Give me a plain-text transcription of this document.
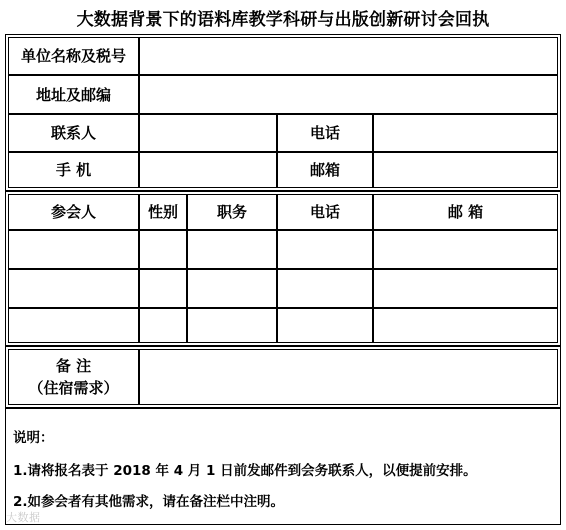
大数据背景下的语料库教学科研与出版创新研讨会回执
单位名称及税号
地址及邮编
联系人	电话
手 机	邮箱
参会人	性别	职务	电话	邮 箱
备 注
（住宿需求）
说明：
1.请将报名表于 2018 年 4 月 1 日前发邮件到会务联系人，以便提前安排。
2.如参会者有其他需求，请在备注栏中注明。
大数据
